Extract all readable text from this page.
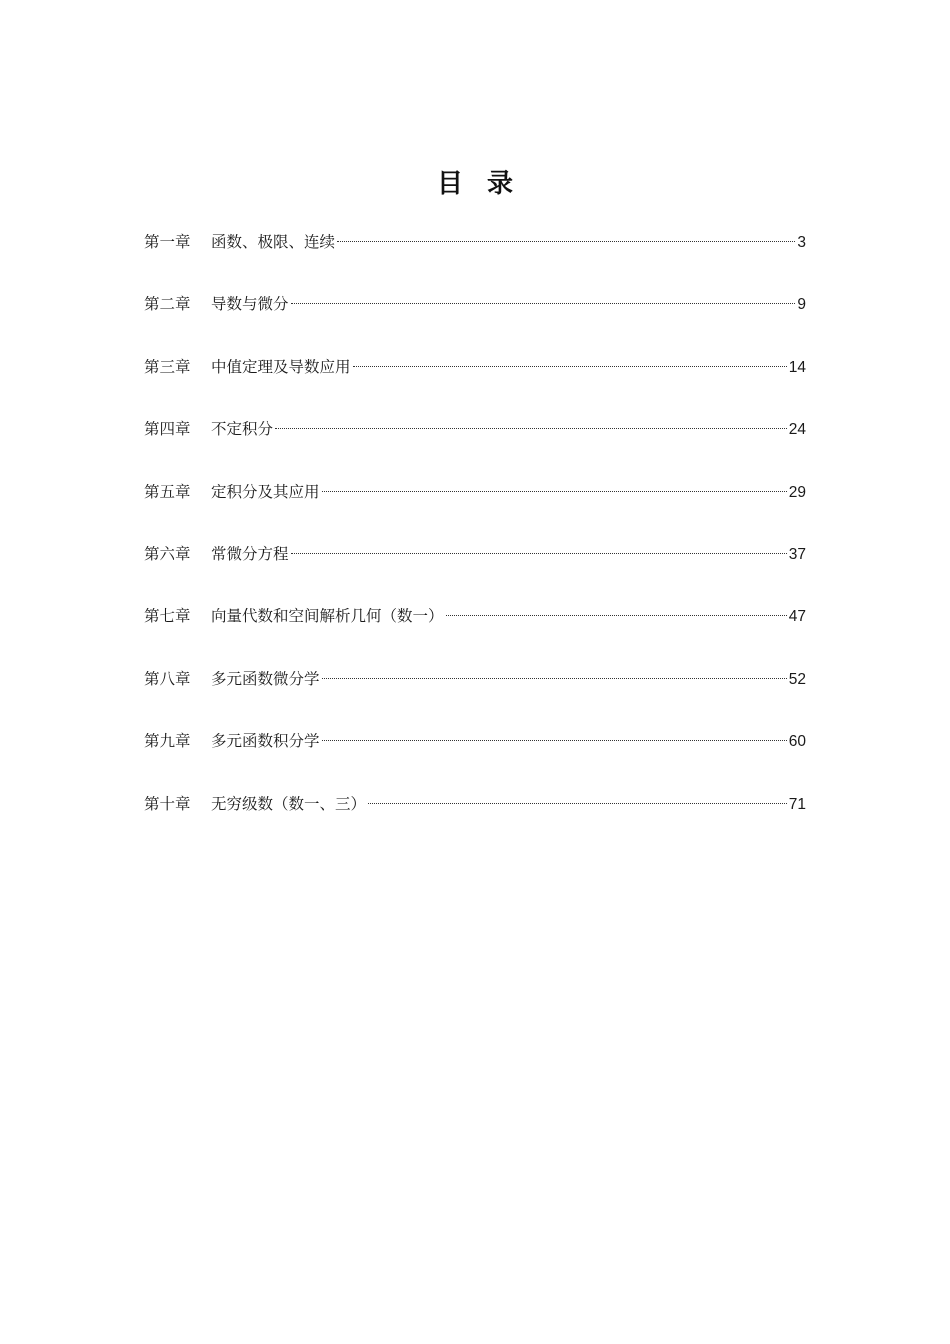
目 录
第一章	函数、极限、连续	3
第二章	导数与微分	9
第三章	中值定理及导数应用	14
第四章	不定积分	24
第五章	定积分及其应用	29
第六章	常微分方程	37
第七章	向量代数和空间解析几何（数一）	47
第八章	多元函数微分学	52
第九章	多元函数积分学	60
第十章	无穷级数（数一、三）	71
